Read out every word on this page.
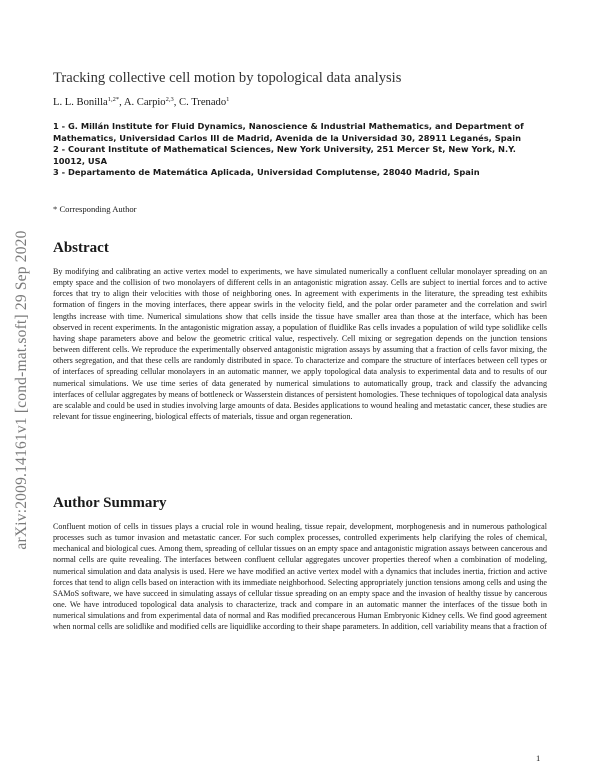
arXiv:2009.14161v1 [cond-mat.soft] 29 Sep 2020
Tracking collective cell motion by topological data analysis
L. L. Bonilla$^{1,2*}$, A. Carpio$^{2,3}$, C. Trenado$^1$

1 - G. Millán Institute for Fluid Dynamics, Nanoscience & Industrial Mathematics, and Department of Mathematics, Universidad Carlos III de Madrid, Avenida de la Universidad 30, 28911 Leganés, Spain

2 - Courant Institute of Mathematical Sciences, New York University, 251 Mercer St, New York, N.Y. 10012, USA

3 - Departamento de Matemática Aplicada, Universidad Complutense, 28040 Madrid, Spain

* Corresponding Author
Abstract

By modifying and calibrating an active vertex model to experiments, we have simulated numerically a confluent cellular monolayer spreading on an empty space and the collision of two monolayers of different cells in an antagonistic migration assay. Cells are subject to inertial forces and to active forces that try to align their velocities with those of neighboring ones. In agreement with experiments in the literature, the spreading test exhibits formation of fingers in the moving interfaces, there appear swirls in the velocity field, and the polar order parameter and the correlation and swirl lengths increase with time. Numerical simulations show that cells inside the tissue have smaller area than those at the interface, which has been observed in recent experiments. In the antagonistic migration assay, a population of fluidlike Ras cells invades a population of wild type solidlike cells having shape parameters above and below the geometric critical value, respectively. Cell mixing or segregation depends on the junction tensions between different cells. We reproduce the experimentally observed antagonistic migration assays by assuming that a fraction of cells favor mixing, the others segregation, and that these cells are randomly distributed in space. To characterize and compare the structure of interfaces between cell types or of interfaces of spreading cellular monolayers in an automatic manner, we apply topological data analysis to experimental data and to results of our numerical simulations. We use time series of data generated by numerical simulations to automatically group, track and classify the advancing interfaces of cellular aggregates by means of bottleneck or Wasserstein distances of persistent homologies. These techniques of topological data analysis are scalable and could be used in studies involving large amounts of data. Besides applications to wound healing and metastatic cancer, these studies are relevant for tissue engineering, biological effects of materials, tissue and organ regeneration.

Author Summary

Confluent motion of cells in tissues plays a crucial role in wound healing, tissue repair, development, morphogenesis and in numerous pathological processes such as tumor invasion and metastatic cancer. For such complex processes, controlled experiments help clarifying the roles of chemical, mechanical and biological cues. Among them, spreading of cellular tissues on an empty space and antagonistic migration assays between cancerous and normal cells are quite revealing. The interfaces between confluent cellular aggregates uncover properties thereof when a combination of modeling, numerical simulation and data analysis is used. Here we have modified an active vertex model with a dynamics that includes inertia, friction and active forces that tend to align cells based on interaction with its immediate neighborhood. Selecting appropriately junction tensions among cells and using the SAMoS software, we have succeed in simulating assays of cellular tissue spreading on an empty space and the invasion of healthy tissue by cancerous one. We have introduced topological data analysis to characterize, track and compare in an automatic manner the interfaces of the tissue both in numerical simulations and from experimental data of normal and Ras modified precancerous Human Embryonic Kidney cells. We find good agreement when normal cells are solidlike and modified cells are liquidlike according to their shape parameters. In addition, cell variability means that a fraction of

1
